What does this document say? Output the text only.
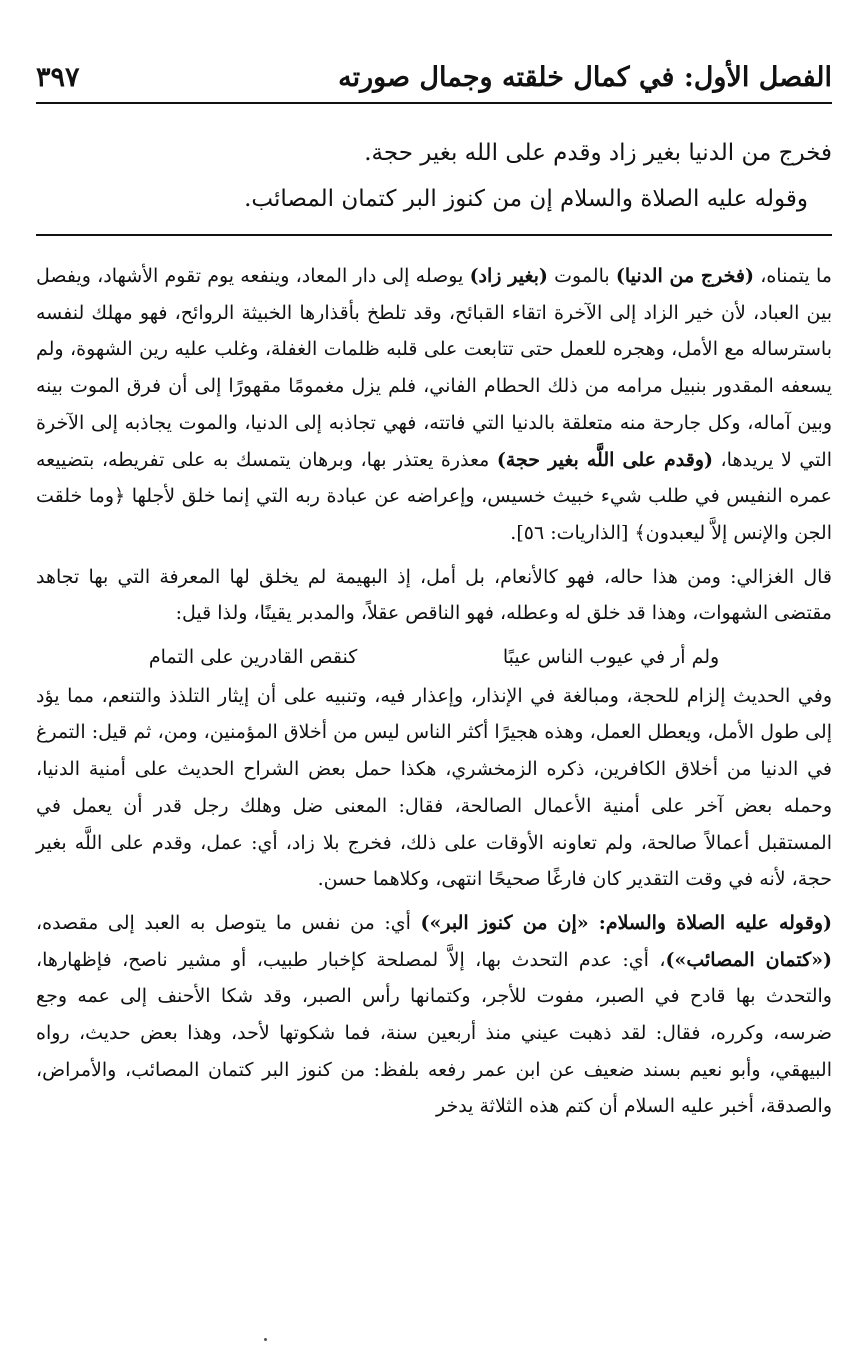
الفصل الأول: في كمال خلقته وجمال صورته
٣٩٧
فخرج من الدنيا بغير زاد وقدم على الله بغير حجة.
وقوله عليه الصلاة والسلام إن من كنوز البر كتمان المصائب.

ما يتمناه، (فخرج من الدنيا) بالموت (بغير زاد) يوصله إلى دار المعاد، وينفعه يوم تقوم الأشهاد، ويفصل بين العباد، لأن خير الزاد إلى الآخرة اتقاء القبائح، وقد تلطخ بأقذارها الخبيثة الروائح، فهو مهلك لنفسه باسترساله مع الأمل، وهجره للعمل حتى تتابعت على قلبه ظلمات الغفلة، وغلب عليه رين الشهوة، ولم يسعفه المقدور بنبيل مرامه من ذلك الحطام الفاني، فلم يزل مغمومًا مقهورًا إلى أن فرق الموت بينه وبين آماله، وكل جارحة منه متعلقة بالدنيا التي فاتته، فهي تجاذبه إلى الدنيا، والموت يجاذبه إلى الآخرة التي لا يريدها، (وقدم على اللَّه بغير حجة) معذرة يعتذر بها، وبرهان يتمسك به على تفريطه، بتضييعه عمره النفيس في طلب شيء خبيث خسيس، وإعراضه عن عبادة ربه التي إنما خلق لأجلها ﴿وما خلقت الجن والإنس إلاَّ ليعبدون﴾ [الذاريات: ٥٦].

قال الغزالي: ومن هذا حاله، فهو كالأنعام، بل أمل، إذ البهيمة لم يخلق لها المعرفة التي بها تجاهد مقتضى الشهوات، وهذا قد خلق له وعطله، فهو الناقص عقلاً، والمدبر يقينًا، ولذا قيل:

ولم أر في عيوب الناس عيبًا
كنقص القادرين على التمام

وفي الحديث إلزام للحجة، ومبالغة في الإنذار، وإعذار فيه، وتنبيه على أن إيثار التلذذ والتنعم، مما يؤد إلى طول الأمل، ويعطل العمل، وهذه هجيرًا أكثر الناس ليس من أخلاق المؤمنين، ومن، ثم قيل: التمرغ في الدنيا من أخلاق الكافرين، ذكره الزمخشري، هكذا حمل بعض الشراح الحديث على أمنية الدنيا، وحمله بعض آخر على أمنية الأعمال الصالحة، فقال: المعنى ضل وهلك رجل قدر أن يعمل في المستقبل أعمالاً صالحة، ولم تعاونه الأوقات على ذلك، فخرج بلا زاد، أي: عمل، وقدم على اللَّه بغير حجة، لأنه في وقت التقدير كان فارغًا صحيحًا انتهى، وكلاهما حسن.

(وقوله عليه الصلاة والسلام: «إن من كنوز البر») أي: من نفس ما يتوصل به العبد إلى مقصده، («كتمان المصائب»)، أي: عدم التحدث بها، إلاَّ لمصلحة كإخبار طبيب، أو مشير ناصح، فإظهارها، والتحدث بها قادح في الصبر، مفوت للأجر، وكتمانها رأس الصبر، وقد شكا الأحنف إلى عمه وجع ضرسه، وكرره، فقال: لقد ذهبت عيني منذ أربعين سنة، فما شكوتها لأحد، وهذا بعض حديث، رواه البيهقي، وأبو نعيم بسند ضعيف عن ابن عمر رفعه بلفظ: من كنوز البر كتمان المصائب، والأمراض، والصدقة، أخبر عليه السلام أن كتم هذه الثلاثة يدخر
